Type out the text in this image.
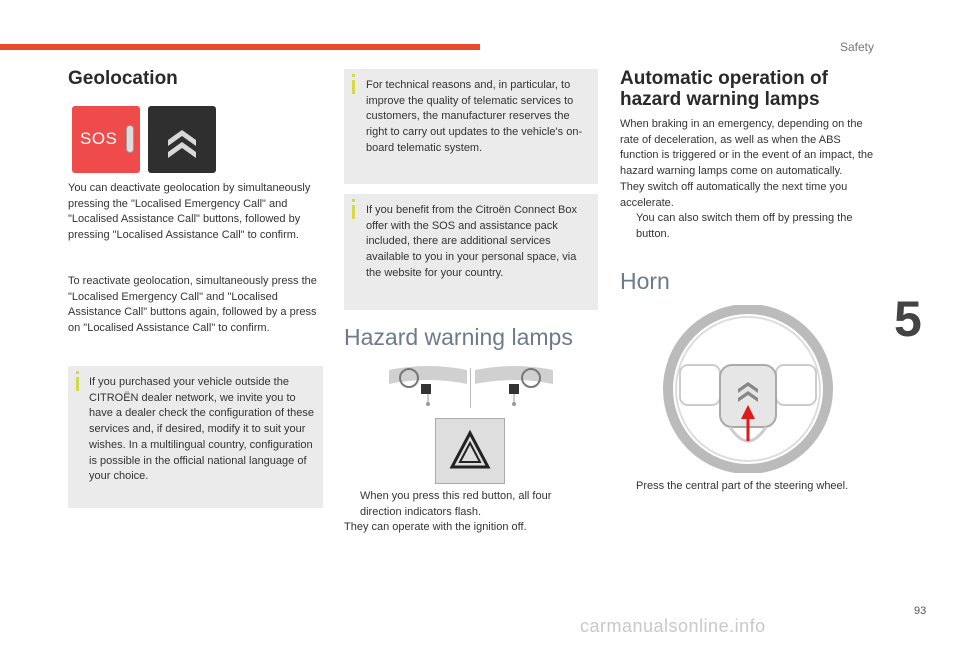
Safety
5
93
carmanualsonline.info
Geolocation
SOS

You can deactivate geolocation by simultaneously pressing the "Localised Emergency Call" and "Localised Assistance Call" buttons, followed by pressing "Localised Assistance Call" to confirm.

To reactivate geolocation, simultaneously press the "Localised Emergency Call" and "Localised Assistance Call" buttons again, followed by a press on "Localised Assistance Call" to confirm.

If you purchased your vehicle outside the CITROËN dealer network, we invite you to have a dealer check the configuration of these services and, if desired, modify it to suit your wishes. In a multilingual country, configuration is possible in the official national language of your choice.

For technical reasons and, in particular, to improve the quality of telematic services to customers, the manufacturer reserves the right to carry out updates to the vehicle's on-board telematic system.

If you benefit from the Citroën Connect Box offer with the SOS and assistance pack included, there are additional services available to you in your personal space, via the website for your country.

Hazard warning lamps

When you press this red button, all four direction indicators flash.

They can operate with the ignition off.

Automatic operation of
hazard warning lamps

When braking in an emergency, depending on the rate of deceleration, as well as when the ABS function is triggered or in the event of an impact, the hazard warning lamps come on automatically.

They switch off automatically the next time you accelerate.

You can also switch them off by pressing the button.

Horn

Press the central part of the steering wheel.
